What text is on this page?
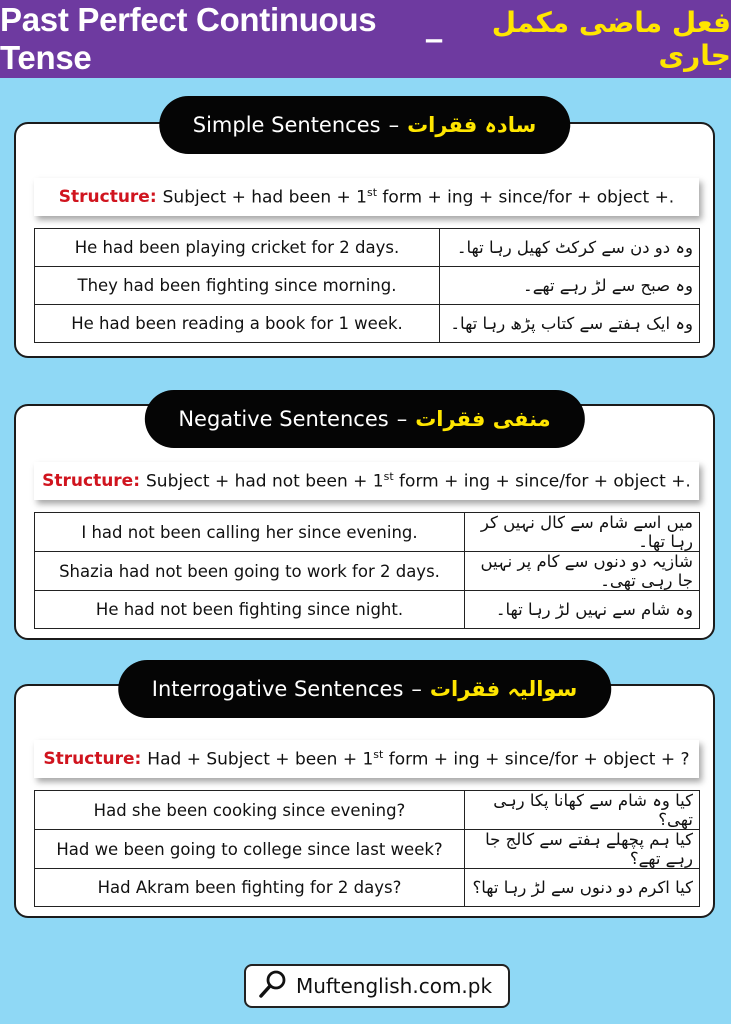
Past Perfect Continuous Tense
–	فعل ماضی مکمل جاری
Simple Sentences – سادہ فقرات
Structure: Subject + had been + 1st form + ing + since/for + object +.
He had been playing cricket for 2 days.	وہ دو دن سے کرکٹ کھیل رہا تھا۔
They had been fighting since morning.	وہ صبح سے لڑ رہے تھے۔
He had been reading a book for 1 week.	وہ ایک ہفتے سے کتاب پڑھ رہا تھا۔
Negative Sentences – منفی فقرات
Structure: Subject + had not been + 1st form + ing + since/for + object +.
I had not been calling her since evening.	میں اسے شام سے کال نہیں کر رہا تھا۔
Shazia had not been going to work for 2 days.	شازیہ دو دنوں سے کام پر نہیں جا رہی تھی۔
He had not been fighting since night.	وہ شام سے نہیں لڑ رہا تھا۔
Interrogative Sentences – سوالیہ فقرات
Structure: Had + Subject + been + 1st form + ing + since/for + object + ?
Had she been cooking since evening?	کیا وہ شام سے کھانا پکا رہی تھی؟
Had we been going to college since last week?	کیا ہم پچھلے ہفتے سے کالج جا رہے تھے؟
Had Akram been fighting for 2 days?	کیا اکرم دو دنوں سے لڑ رہا تھا؟
Muftenglish.com.pk
